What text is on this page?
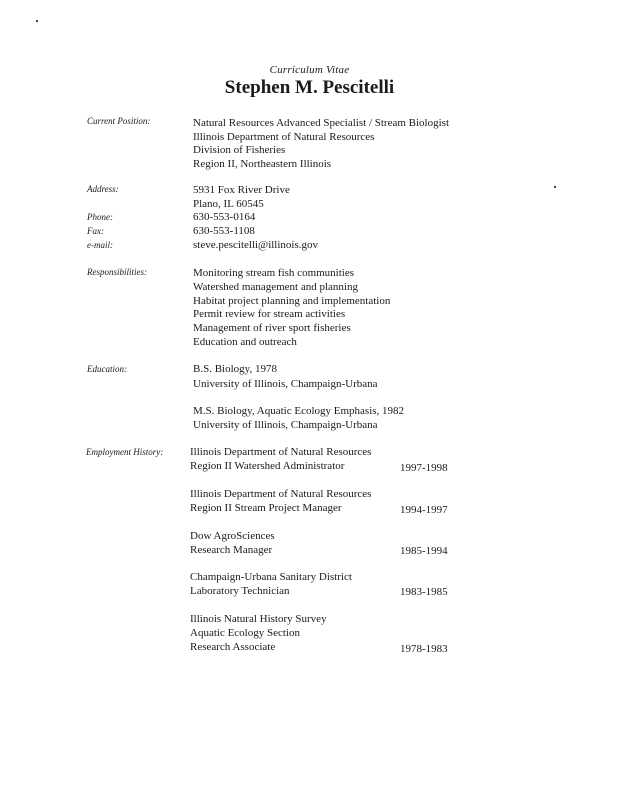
Curriculum Vitae
Stephen M. Pescitelli
Current Position:	Natural Resources Advanced Specialist / Stream Biologist
Illinois Department of Natural Resources
Division of Fisheries
Region II, Northeastern Illinois
Address:	5931 Fox River Drive
Plano, IL 60545
Phone:	630-553-0164
Fax:	630-553-1108
e-mail:	steve.pescitelli@illinois.gov
Responsibilities:	Monitoring stream fish communities
Watershed management and planning
Habitat project planning and implementation
Permit review for stream activities
Management of river sport fisheries
Education and outreach
Education:	B.S. Biology, 1978
University of Illinois, Champaign-Urbana
M.S. Biology, Aquatic Ecology Emphasis, 1982
University of Illinois, Champaign-Urbana
Employment History: Illinois Department of Natural Resources
Region II Watershed Administrator	1997-1998
Illinois Department of Natural Resources
Region II Stream Project Manager	1994-1997
Dow AgroSciences
Research Manager	1985-1994
Champaign-Urbana Sanitary District
Laboratory Technician	1983-1985
Illinois Natural History Survey
Aquatic Ecology Section
Research Associate	1978-1983
